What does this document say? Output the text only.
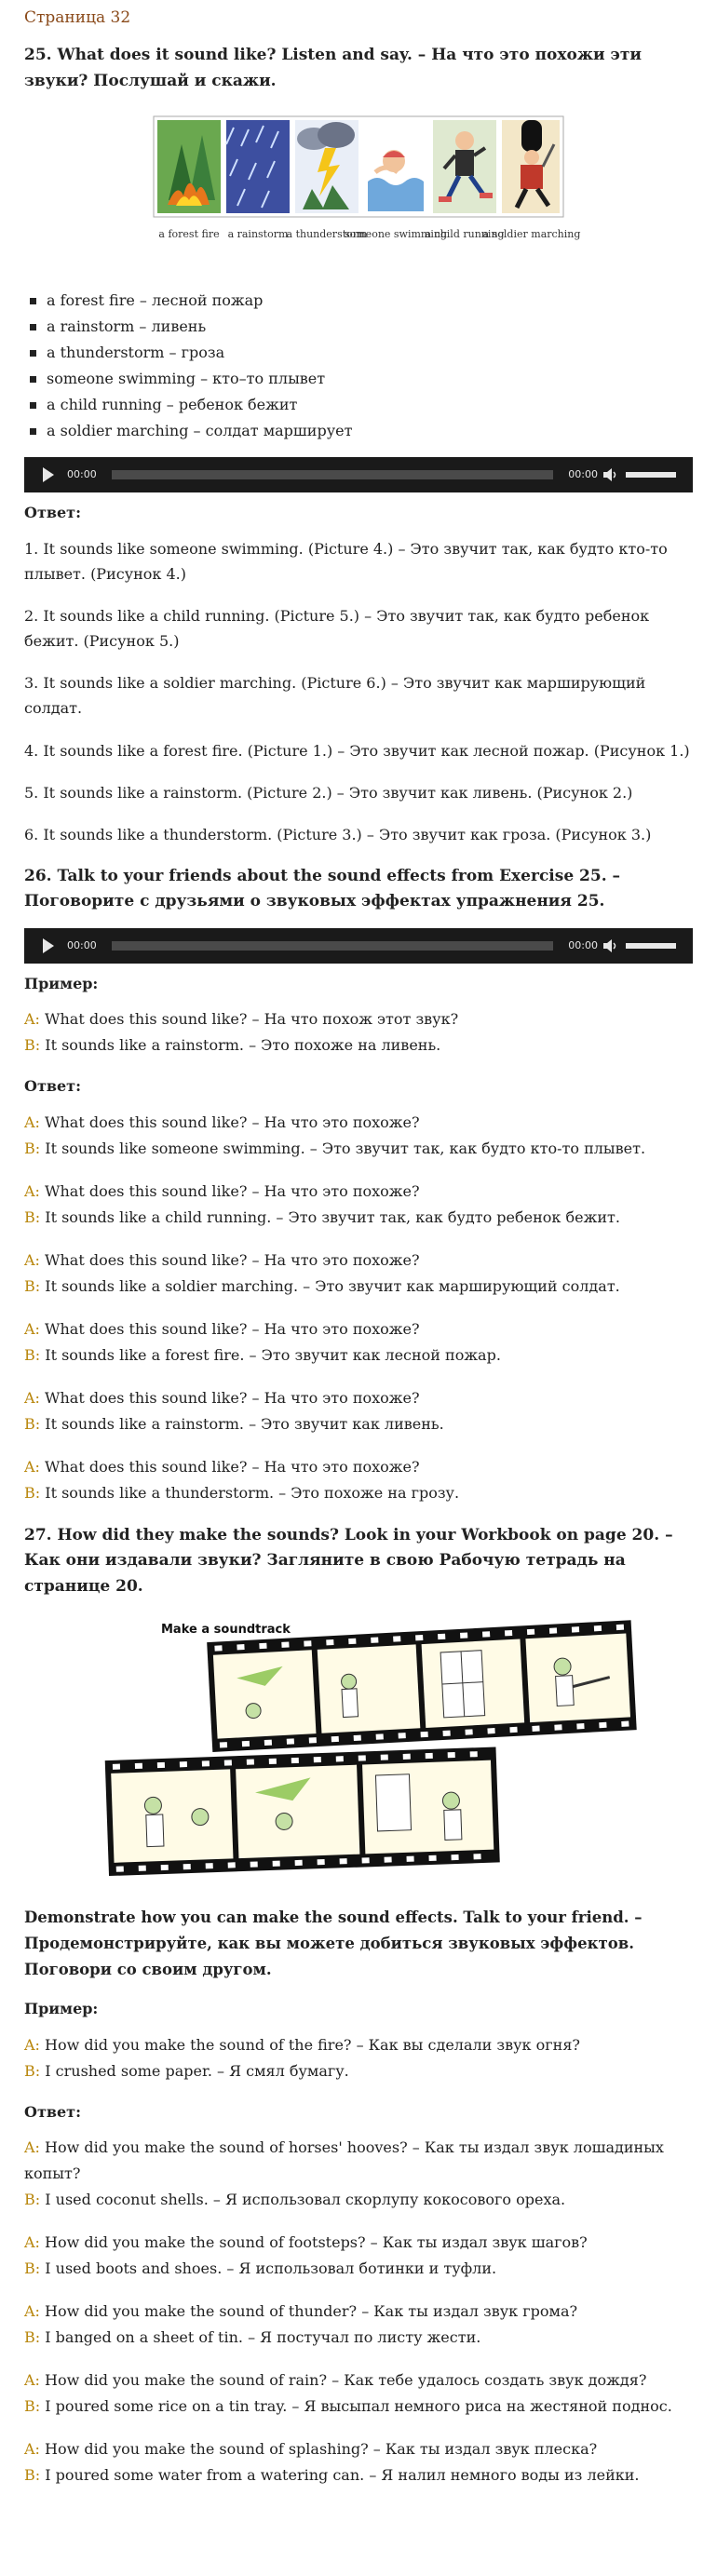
Страница 32
25. What does it sound like? Listen and say. – На что это похожи эти звуки? Послушай и скажи.
a forest fire a rainstorm
a thunderstorm
someone swimming
a child running
a soldier marching
a forest fire – лесной пожар
a rainstorm – ливень
a thunderstorm – гроза
someone swimming – кто–то плывет
a child running – ребенок бежит
a soldier marching – солдат марширует
00:00	00:00
Ответ:

1. It sounds like someone swimming. (Picture 4.) – Это звучит так, как будто кто-то плывет. (Рисунок 4.)

2. It sounds like a child running. (Picture 5.) – Это звучит так, как будто ребенок бежит. (Рисунок 5.)

3. It sounds like a soldier marching. (Picture 6.) – Это звучит как марширующий солдат.

4. It sounds like a forest fire. (Picture 1.) – Это звучит как лесной пожар. (Рисунок 1.)

5. It sounds like a rainstorm. (Picture 2.) – Это звучит как ливень. (Рисунок 2.)

6. It sounds like a thunderstorm. (Picture 3.) – Это звучит как гроза. (Рисунок 3.)

26. Talk to your friends about the sound effects from Exercise 25. – Поговорите с друзьями о звуковых эффектах упражнения 25.
00:00	00:00
Пример:
A: What does this sound like? – На что похож этот звук?
B: It sounds like a rainstorm. – Это похоже на ливень.
Ответ:
A: What does this sound like? – На что это похоже?
B: It sounds like someone swimming. – Это звучит так, как будто кто-то плывет.
A: What does this sound like? – На что это похоже?
B: It sounds like a child running. – Это звучит так, как будто ребенок бежит.
A: What does this sound like? – На что это похоже?
B: It sounds like a soldier marching. – Это звучит как марширующий солдат.
A: What does this sound like? – На что это похоже?
B: It sounds like a forest fire. – Это звучит как лесной пожар.
A: What does this sound like? – На что это похоже?
B: It sounds like a rainstorm. – Это звучит как ливень.
A: What does this sound like? – На что это похоже?
B: It sounds like a thunderstorm. – Это похоже на грозу.
27. How did they make the sounds? Look in your Workbook on page 20. – Как они издавали звуки? Загляните в свою Рабочую тетрадь на странице 20.
Make a soundtrack
Demonstrate how you can make the sound effects. Talk to your friend. – Продемонстрируйте, как вы можете добиться звуковых эффектов. Поговори со своим другом.
Пример:
A: How did you make the sound of the fire? – Как вы сделали звук огня?
B: I crushed some paper. – Я смял бумагу.
Ответ:
A: How did you make the sound of horses' hooves? – Как ты издал звук лошадиных копыт?
B: I used coconut shells. – Я использовал скорлупу кокосового ореха.
A: How did you make the sound of footsteps? – Как ты издал звук шагов?
B: I used boots and shoes. – Я использовал ботинки и туфли.
A: How did you make the sound of thunder? – Как ты издал звук грома?
B: I banged on a sheet of tin. – Я постучал по листу жести.
A: How did you make the sound of rain? – Как тебе удалось создать звук дождя?
B: I poured some rice on a tin tray. – Я высыпал немного риса на жестяной поднос.
A: How did you make the sound of splashing? – Как ты издал звук плеска?
B: I poured some water from a watering can. – Я налил немного воды из лейки.
